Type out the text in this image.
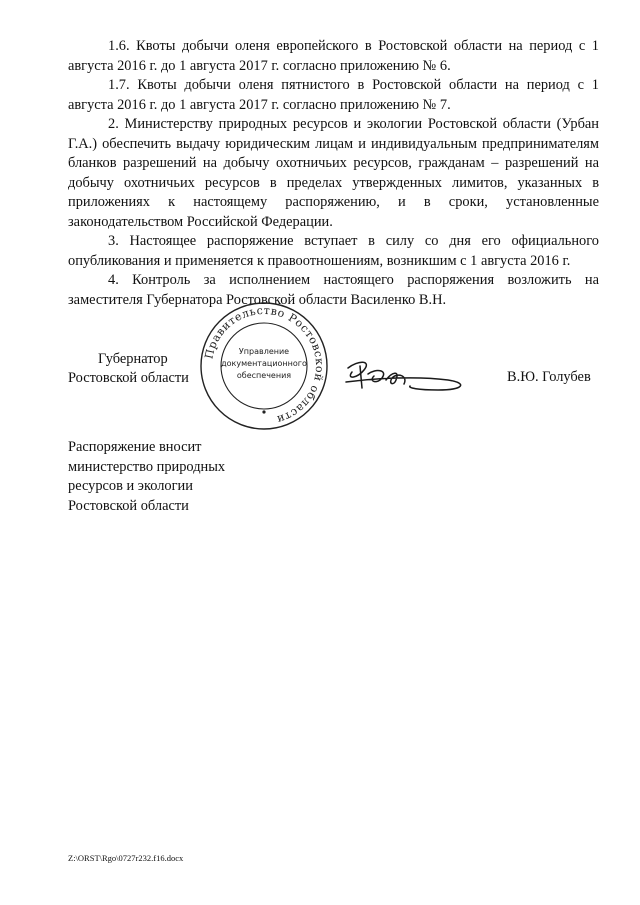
1.6. Квоты добычи оленя европейского в Ростовской области на период с 1 августа 2016 г. до 1 августа 2017 г. согласно приложению № 6.

1.7. Квоты добычи оленя пятнистого в Ростовской области на период с 1 августа 2016 г. до 1 августа 2017 г. согласно приложению № 7.

2. Министерству природных ресурсов и экологии Ростовской области (Урбан Г.А.) обеспечить выдачу юридическим лицам и индивидуальным предпринимателям бланков разрешений на добычу охотничьих ресурсов, гражданам – разрешений на добычу охотничьих ресурсов в пределах утвержденных лимитов, указанных в приложениях к настоящему распоряжению, и в сроки, установленные законодательством Российской Федерации.

3. Настоящее распоряжение вступает в силу со дня его официального опубликования и применяется к правоотношениям, возникшим с 1 августа 2016 г.

4. Контроль за исполнением настоящего распоряжения возложить на заместителя Губернатора Ростовской области Василенко В.Н.

Губернатор
Ростовской области
Правительство Ростовской области
Управление
документационного
обеспечения	В.Ю. Голубев
Распоряжение вносит
министерство природных
ресурсов и экологии
Ростовской области
Z:\ORST\Rgo\0727r232.f16.docx
